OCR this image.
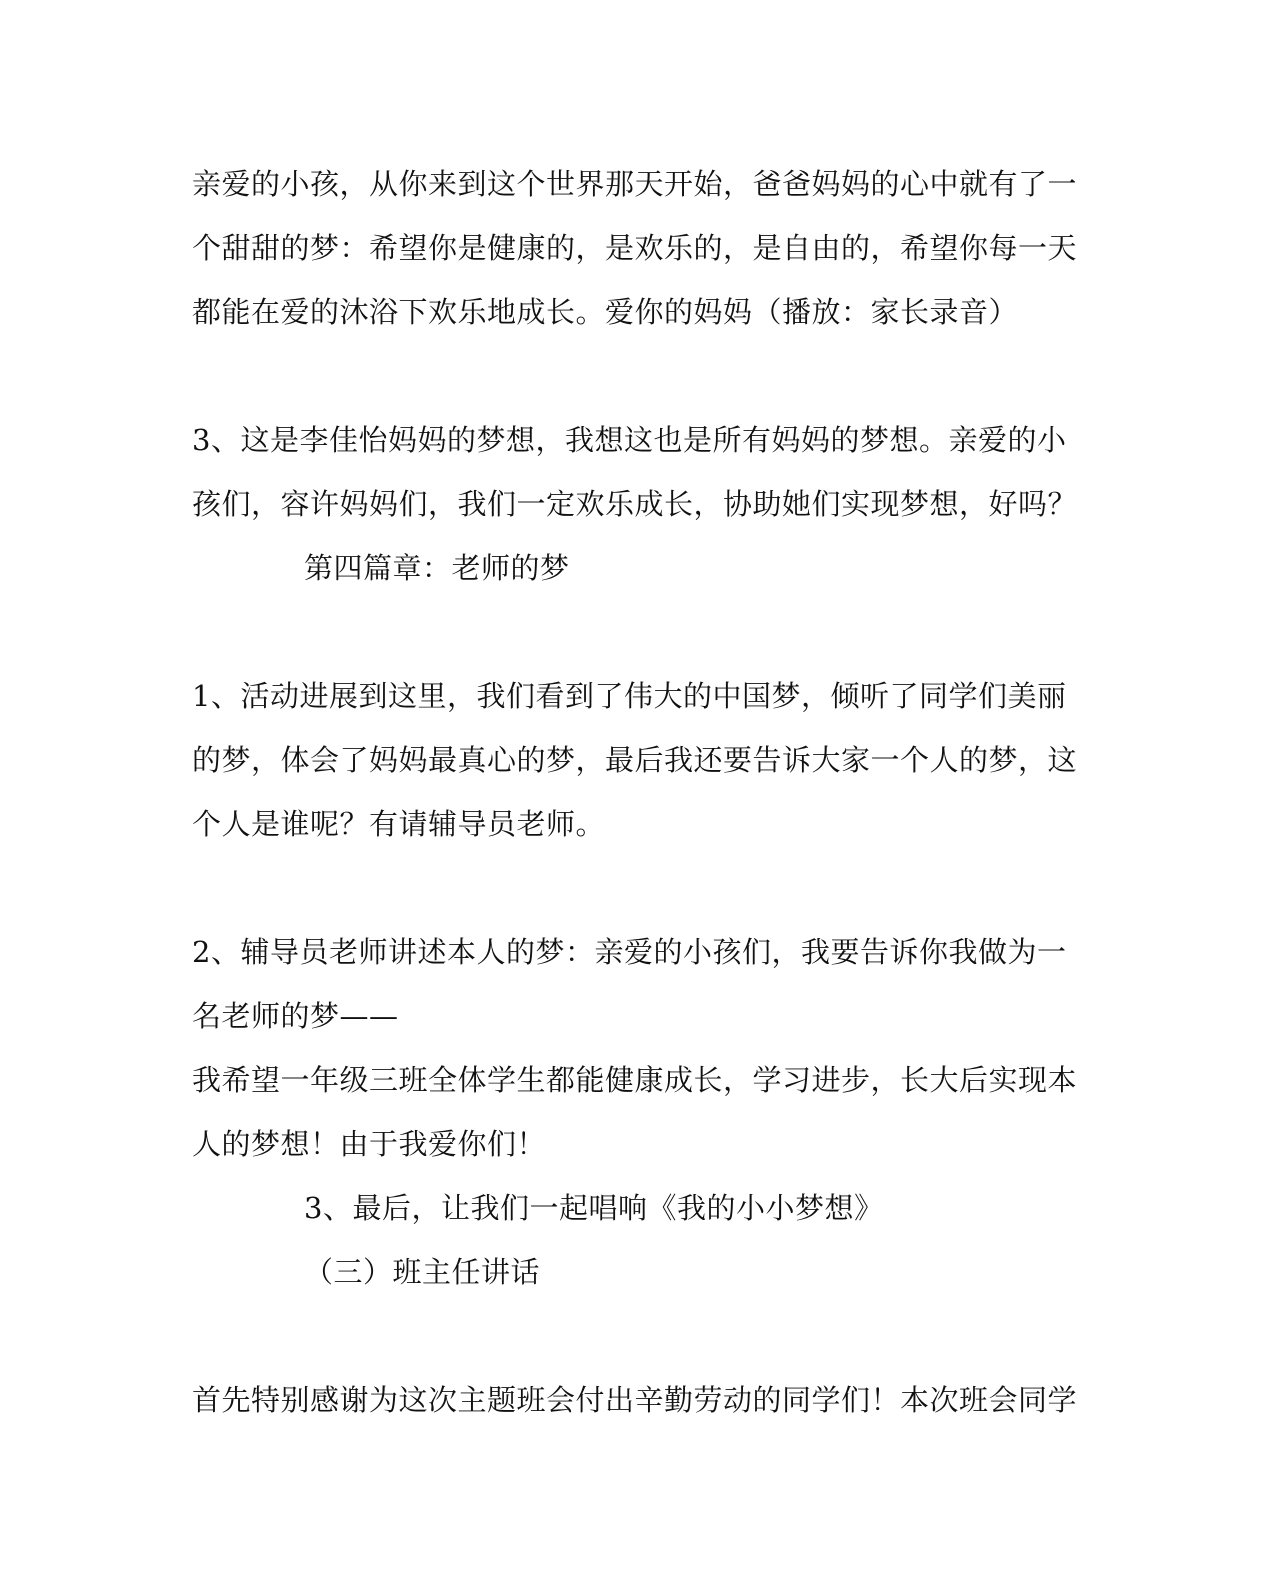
亲爱的小孩，从你来到这个世界那天开始，爸爸妈妈的心中就有了一
个甜甜的梦：希望你是健康的，是欢乐的，是自由的，希望你每一天
都能在爱的沐浴下欢乐地成长。爱你的妈妈（播放：家长录音）
3、这是李佳怡妈妈的梦想，我想这也是所有妈妈的梦想。亲爱的小
孩们，容许妈妈们，我们一定欢乐成长，协助她们实现梦想，好吗？
第四篇章：老师的梦
1、活动进展到这里，我们看到了伟大的中国梦，倾听了同学们美丽
的梦，体会了妈妈最真心的梦，最后我还要告诉大家一个人的梦，这
个人是谁呢？有请辅导员老师。
2、辅导员老师讲述本人的梦：亲爱的小孩们，我要告诉你我做为一
名老师的梦——
我希望一年级三班全体学生都能健康成长，学习进步，长大后实现本
人的梦想！由于我爱你们！
3、最后，让我们一起唱响《我的小小梦想》
（三）班主任讲话
首先特别感谢为这次主题班会付出辛勤劳动的同学们！本次班会同学
